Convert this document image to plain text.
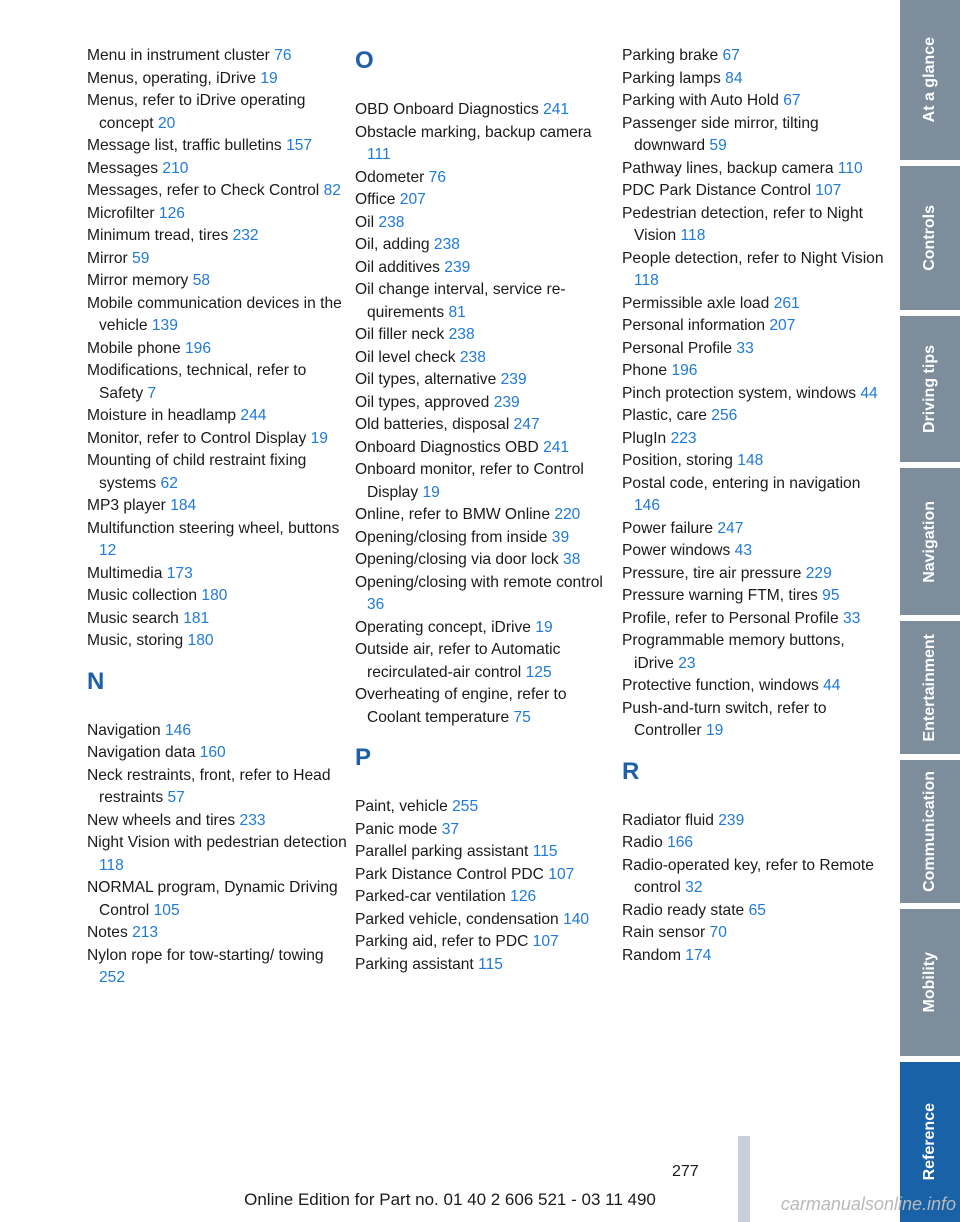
Menu in instrument cluster 76
Menus, operating, iDrive 19
Menus, refer to iDrive operating concept 20
Message list, traffic bulletins 157
Messages 210
Messages, refer to Check Control 82
Microfilter 126
Minimum tread, tires 232
Mirror 59
Mirror memory 58
Mobile communication devices in the vehicle 139
Mobile phone 196
Modifications, technical, refer to Safety 7
Moisture in headlamp 244
Monitor, refer to Control Display 19
Mounting of child restraint fixing systems 62
MP3 player 184
Multifunction steering wheel, buttons 12
Multimedia 173
Music collection 180
Music search 181
Music, storing 180
N
Navigation 146
Navigation data 160
Neck restraints, front, refer to Head restraints 57
New wheels and tires 233
Night Vision with pedestrian detection 118
NORMAL program, Dynamic Driving Control 105
Notes 213
Nylon rope for tow-starting/ towing 252
O
OBD Onboard Diagnostics 241
Obstacle marking, backup camera 111
Odometer 76
Office 207
Oil 238
Oil, adding 238
Oil additives 239
Oil change interval, service requirements 81
Oil filler neck 238
Oil level check 238
Oil types, alternative 239
Oil types, approved 239
Old batteries, disposal 247
Onboard Diagnostics OBD 241
Onboard monitor, refer to Control Display 19
Online, refer to BMW Online 220
Opening/closing from inside 39
Opening/closing via door lock 38
Opening/closing with remote control 36
Operating concept, iDrive 19
Outside air, refer to Automatic recirculated-air control 125
Overheating of engine, refer to Coolant temperature 75
P
Paint, vehicle 255
Panic mode 37
Parallel parking assistant 115
Park Distance Control PDC 107
Parked-car ventilation 126
Parked vehicle, condensation 140
Parking aid, refer to PDC 107
Parking assistant 115
Parking brake 67
Parking lamps 84
Parking with Auto Hold 67
Passenger side mirror, tilting downward 59
Pathway lines, backup camera 110
PDC Park Distance Control 107
Pedestrian detection, refer to Night Vision 118
People detection, refer to Night Vision 118
Permissible axle load 261
Personal information 207
Personal Profile 33
Phone 196
Pinch protection system, windows 44
Plastic, care 256
PlugIn 223
Position, storing 148
Postal code, entering in navigation 146
Power failure 247
Power windows 43
Pressure, tire air pressure 229
Pressure warning FTM, tires 95
Profile, refer to Personal Profile 33
Programmable memory buttons, iDrive 23
Protective function, windows 44
Push-and-turn switch, refer to Controller 19
R
Radiator fluid 239
Radio 166
Radio-operated key, refer to Remote control 32
Radio ready state 65
Rain sensor 70
Random 174
At a glance
Controls
Driving tips
Navigation
Entertainment
Communication
Mobility
Reference
277
Online Edition for Part no. 01 40 2 606 521 - 03 11 490	carmanualsonline.info
